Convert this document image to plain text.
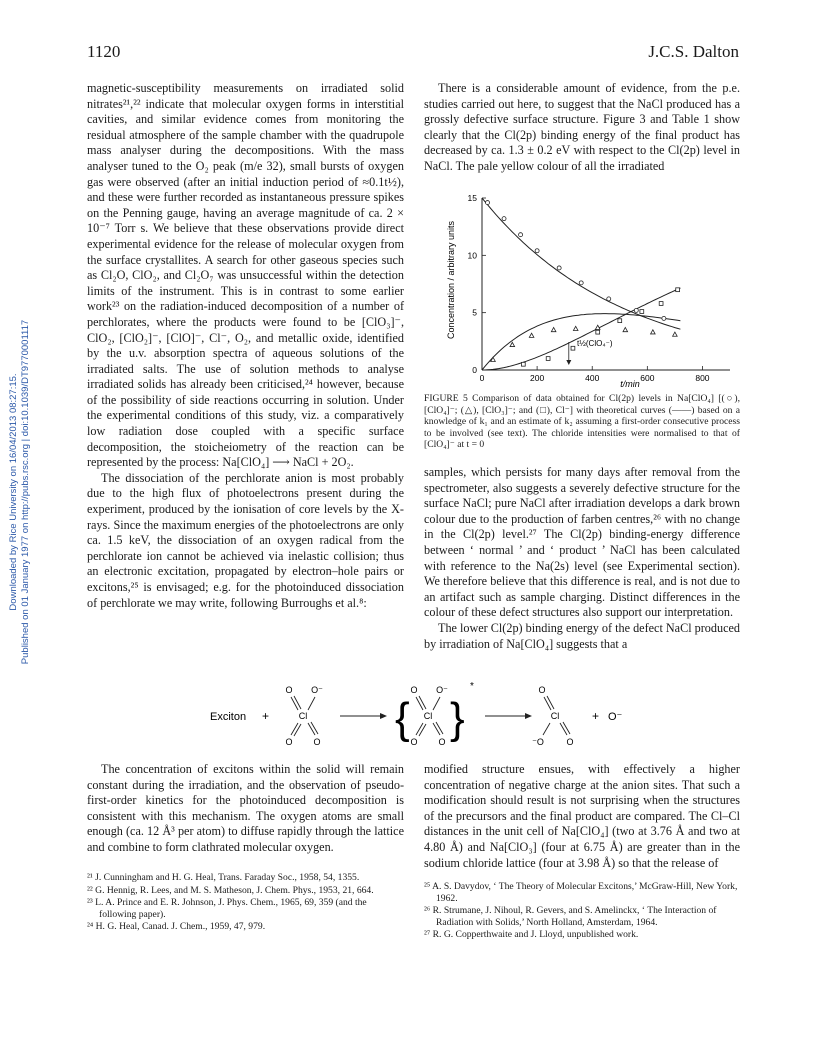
1120	J.C.S. Dalton
Downloaded by Rice University on 16/04/2013 08:27:15. Published on 01 January 1977 on http://pubs.rsc.org | doi:10.1039/DT9770001117

magnetic-susceptibility measurements on irradiated solid nitrates²¹,²² indicate that molecular oxygen forms in interstitial cavities, and similar evidence comes from monitoring the residual atmosphere of the sample chamber with the quadrupole mass analyser during the decompositions. With the mass analyser tuned to the O₂ peak (m/e 32), small bursts of oxygen gas were observed (after an initial induction period of ≈0.1t½), and these were further recorded as instantaneous pressure spikes on the Penning gauge, having an average magnitude of ca. 2 × 10⁻⁷ Torr s. We believe that these observations provide direct experimental evidence for the release of molecular oxygen from the surface crystallites. A search for other gaseous species such as Cl₂O, ClO₂, and Cl₂O₇ was unsuccessful within the detection limits of the instrument. This is in contrast to some earlier work²³ on the radiation-induced decomposition of a number of perchlorates, where the products were found to be [ClO₃]⁻, ClO₂, [ClO₂]⁻, [ClO]⁻, Cl⁻, O₂, and metallic oxide, identified by the u.v. absorption spectra of aqueous solutions of the irradiated salts. The use of solution methods to analyse irradiated solids has already been criticised,²⁴ however, because of the possibility of side reactions occurring in solution. Under the experimental conditions of this study, viz. a comparatively low radiation dose coupled with a specific surface decomposition, the stoicheiometry of the reaction can be represented by the process: Na[ClO₄] ⟶ NaCl + 2O₂.

The dissociation of the perchlorate anion is most probably due to the high flux of photoelectrons present during the experiment, produced by the ionisation of core levels by the X-rays. Since the maximum energies of the photoelectrons are only ca. 1.5 keV, the dissociation of an oxygen radical from the perchlorate ion cannot be achieved via inelastic collision; thus an electronic excitation, propagated by electron–hole pairs or excitons,²⁵ is envisaged; e.g. for the photoinduced dissociation of perchlorate we may write, following Burroughs et al.⁸:

There is a considerable amount of evidence, from the p.e. studies carried out here, to suggest that the NaCl produced has a grossly defective surface structure. Figure 3 and Table 1 show clearly that the Cl(2p) binding energy of the final product has decreased by ca. 1.3 ± 0.2 eV with respect to the Cl(2p) level in NaCl. The pale yellow colour of all the irradiated

0	200	400	600	800
0
5
10
15
Concentration / arbitrary units
t/min
t½(ClO₄⁻)
FIGURE 5 Comparison of data obtained for Cl(2p) levels in Na[ClO₄] [(○), [ClO₄]⁻; (△), [ClO₃]⁻; and (□), Cl⁻] with theoretical curves (——) based on a knowledge of k₁ and an estimate of k₂ assuming a first-order consecutive process to be involved (see text). The chloride intensities were normalised to that of [ClO₄]⁻ at t = 0

samples, which persists for many days after removal from the spectrometer, also suggests a severely defective structure for the surface NaCl; pure NaCl after irradiation develops a dark brown colour due to the production of farben centres,²⁶ with no change in the Cl(2p) level.²⁷ The Cl(2p) binding-energy difference between ‘ normal ’ and ‘ product ’ NaCl has been calculated with reference to the Na(2s) level (see Experimental section). We therefore believe that this difference is real, and is not due to an artifact such as sample charging. Distinct differences in the colour of these defect structures also support our interpretation.

The lower Cl(2p) binding energy of the defect NaCl produced by irradiation of Na[ClO₄] suggests that a

Exciton +	Cl
O O⁻
O O { Cl
O O⁻
O O }
*
Cl
O
⁻O	O
+ O⁻

The concentration of excitons within the solid will remain constant during the irradiation, and the observation of pseudo-first-order kinetics for the photoinduced decomposition is consistent with this mechanism. The oxygen atoms are small enough (ca. 12 Å³ per atom) to diffuse rapidly through the lattice and combine to form clathrated molecular oxygen.

modified structure ensues, with effectively a higher concentration of negative charge at the anion sites. That such a modification should result is not surprising when the structures of the precursors and the final product are compared. The Cl–Cl distances in the unit cell of Na[ClO₄] (two at 3.76 Å and two at 4.80 Å) and Na[ClO₃] (four at 6.75 Å) are greater than in the sodium chloride lattice (four at 3.98 Å) so that the release of

²¹ J. Cunningham and H. G. Heal, Trans. Faraday Soc., 1958, 54, 1355.
²² G. Hennig, R. Lees, and M. S. Matheson, J. Chem. Phys., 1953, 21, 664.
²³ L. A. Prince and E. R. Johnson, J. Phys. Chem., 1965, 69, 359 (and the following paper).
²⁴ H. G. Heal, Canad. J. Chem., 1959, 47, 979.
²⁵ A. S. Davydov, ‘ The Theory of Molecular Excitons,’ McGraw-Hill, New York, 1962.
²⁶ R. Strumane, J. Nihoul, R. Gevers, and S. Amelinckx, ‘ The Interaction of Radiation with Solids,’ North Holland, Amsterdam, 1964.
²⁷ R. G. Copperthwaite and J. Lloyd, unpublished work.
